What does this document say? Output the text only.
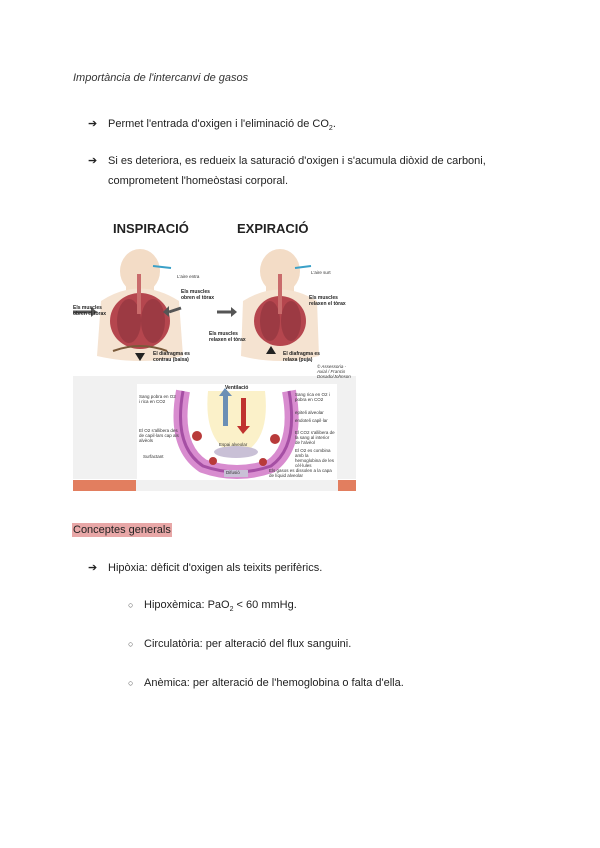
Importància de l'intercanvi de gasos
➔ Permet l'entrada d'oxigen i l'eliminació de $CO_2$.
➔ Si es deteriora, es redueix la saturació d'oxigen i s'acumula diòxid de carboni,
comprometent l'homeòstasi corporal.
INSPIRACIÓ	EXPIRACIÓ
L'aire entra
Els muscles obren el tòrax
Els muscles obren el tòrax
El diafragma es contrau (baixa)
L'aire surt
Els muscles relaxen el tòrax
Els muscles relaxen el tòrax
El diafragma es relaxa (puja)
© Assessoria - Axial / Francis Dosado/Johnson
Ventilació
Sang pobra en O2 i rica en CO2
Sang rica en O2 i pobra en CO2
epiteli alveolar
endoteli capil·lar
El O2 s'allibera des de capil·lars cap als alvèols
El CO2 s'allibera de la sang al interior de l'alvèol
El O2 es combina amb la hemoglobina de les cèl·lules
Surfactant
Espai alveolar
Difusió	Els gasos es dissolen a la capa de líquid alveolar
Conceptes generals
➔ Hipòxia: dèficit d'oxigen als teixits perifèrics.
○ Hipoxèmica: PaO$_2$ < 60 mmHg.
○ Circulatòria: per alteració del flux sanguini.
○ Anèmica: per alteració de l'hemoglobina o falta d'ella.
